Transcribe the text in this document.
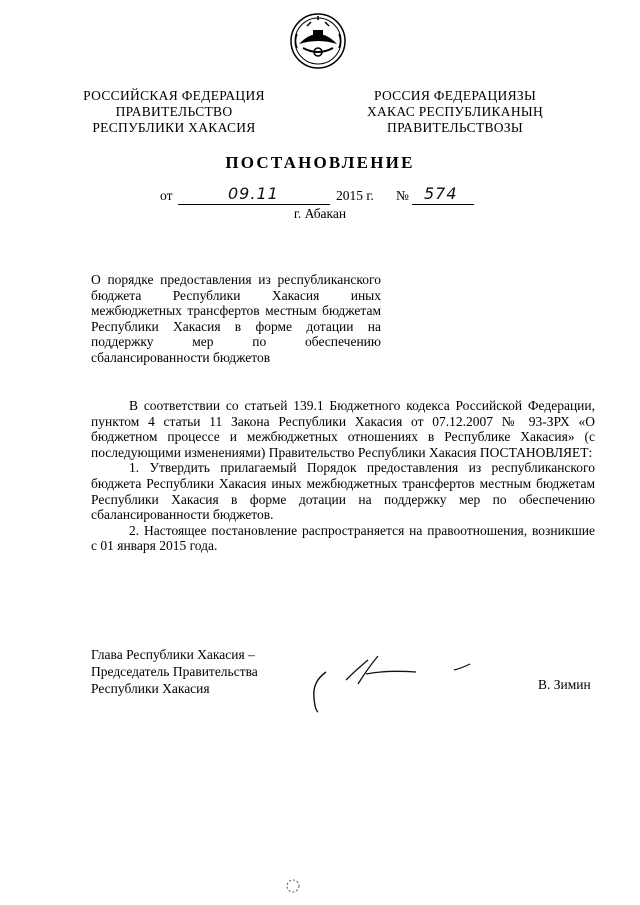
РОССИЙСКАЯ ФЕДЕРАЦИЯ
ПРАВИТЕЛЬСТВО
РЕСПУБЛИКИ ХАКАСИЯ
РОССИЯ ФЕДЕРАЦИЯЗЫ
ХАКАС РЕСПУБЛИКАНЫҢ
ПРАВИТЕЛЬСТВОЗЫ
ПОСТАНОВЛЕНИЕ
от	09.11	2015 г. № 574
г. Абакан
О порядке предоставления из республиканского бюджета Республики Хакасия иных межбюджетных трансфертов местным бюджетам Республики Хакасия в форме дотации на поддержку мер по обеспечению сбалансированности бюджетов

В соответствии со статьей 139.1 Бюджетного кодекса Российской Федерации, пунктом 4 статьи 11 Закона Республики Хакасия от 07.12.2007 № 93-ЗРХ «О бюджетном процессе и межбюджетных отношениях в Республике Хакасия» (с последующими изменениями) Правительство Республики Хакасия ПОСТАНОВЛЯЕТ:

1. Утвердить прилагаемый Порядок предоставления из республиканского бюджета Республики Хакасия иных межбюджетных трансфертов местным бюджетам Республики Хакасия в форме дотации на поддержку мер по обеспечению сбалансированности бюджетов.

2. Настоящее постановление распространяется на правоотношения, возникшие с 01 января 2015 года.

Глава Республики Хакасия –
Председатель Правительства
Республики Хакасия	В. Зимин
